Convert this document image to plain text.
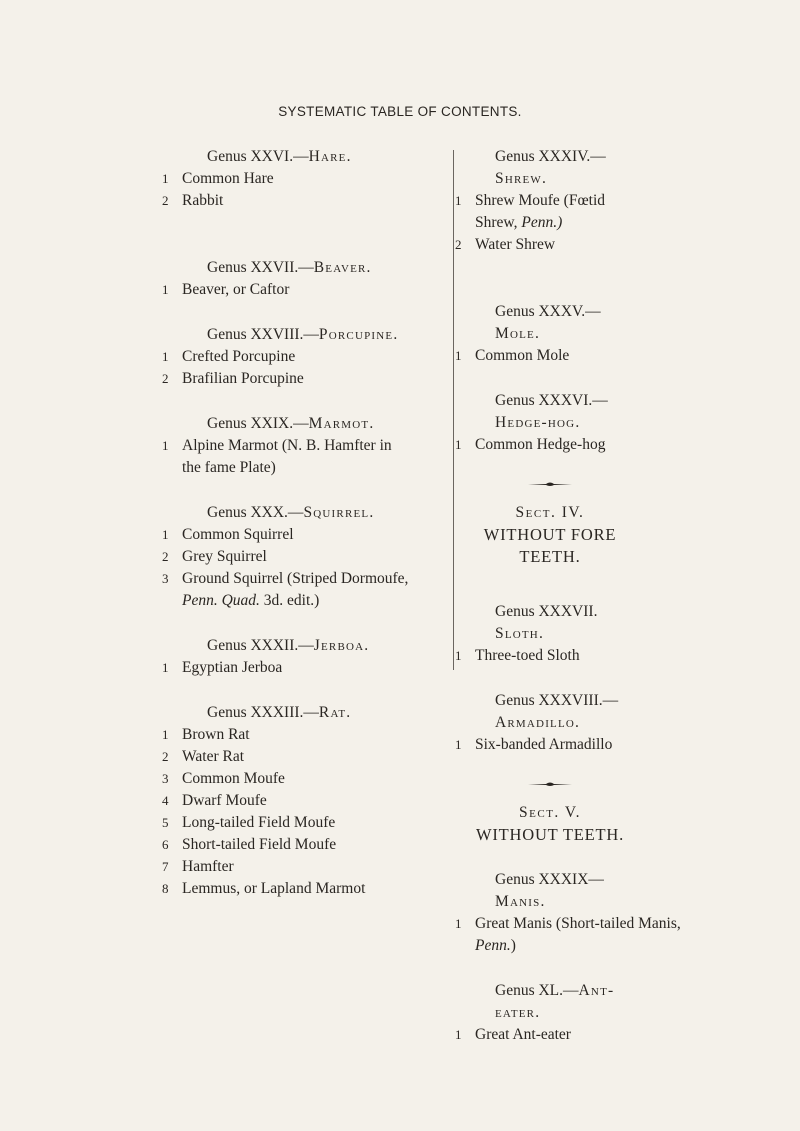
SYSTEMATIC TABLE OF CONTENTS.
Genus XXVI.—Hare.
1 Common Hare
2 Rabbit
Genus XXVII.—Beaver.
1 Beaver, or Caftor
Genus XXVIII.—Porcupine.
1 Crefted Porcupine
2 Brafilian Porcupine
Genus XXIX.—Marmot.
1 Alpine Marmot (N. B. Hamfter in
the fame Plate)
Genus XXX.—Squirrel.
1 Common Squirrel
2 Grey Squirrel
3 Ground Squirrel (Striped Dormoufe,
Penn. Quad. 3d. edit.)
Genus XXXII.—Jerboa.
1 Egyptian Jerboa
Genus XXXIII.—Rat.
1 Brown Rat
2 Water Rat
3 Common Moufe
4 Dwarf Moufe
5 Long-tailed Field Moufe
6 Short-tailed Field Moufe
7 Hamfter
8 Lemmus, or Lapland Marmot
Genus XXXIV.—Shrew.
1 Shrew Moufe (Fœtid Shrew, Penn.)
2 Water Shrew
Genus XXXV.—Mole.
1 Common Mole
Genus XXXVI.—Hedge-hog.
1 Common Hedge-hog
Sect. IV.
WITHOUT FORE TEETH.
Genus XXXVII. Sloth.
1 Three-toed Sloth
Genus XXXVIII.—Armadillo.
1 Six-banded Armadillo
Sect. V.
WITHOUT TEETH.
Genus XXXIX—Manis.
1 Great Manis (Short-tailed Manis,
Penn.)
Genus XL.—Ant-eater.
1 Great Ant-eater
